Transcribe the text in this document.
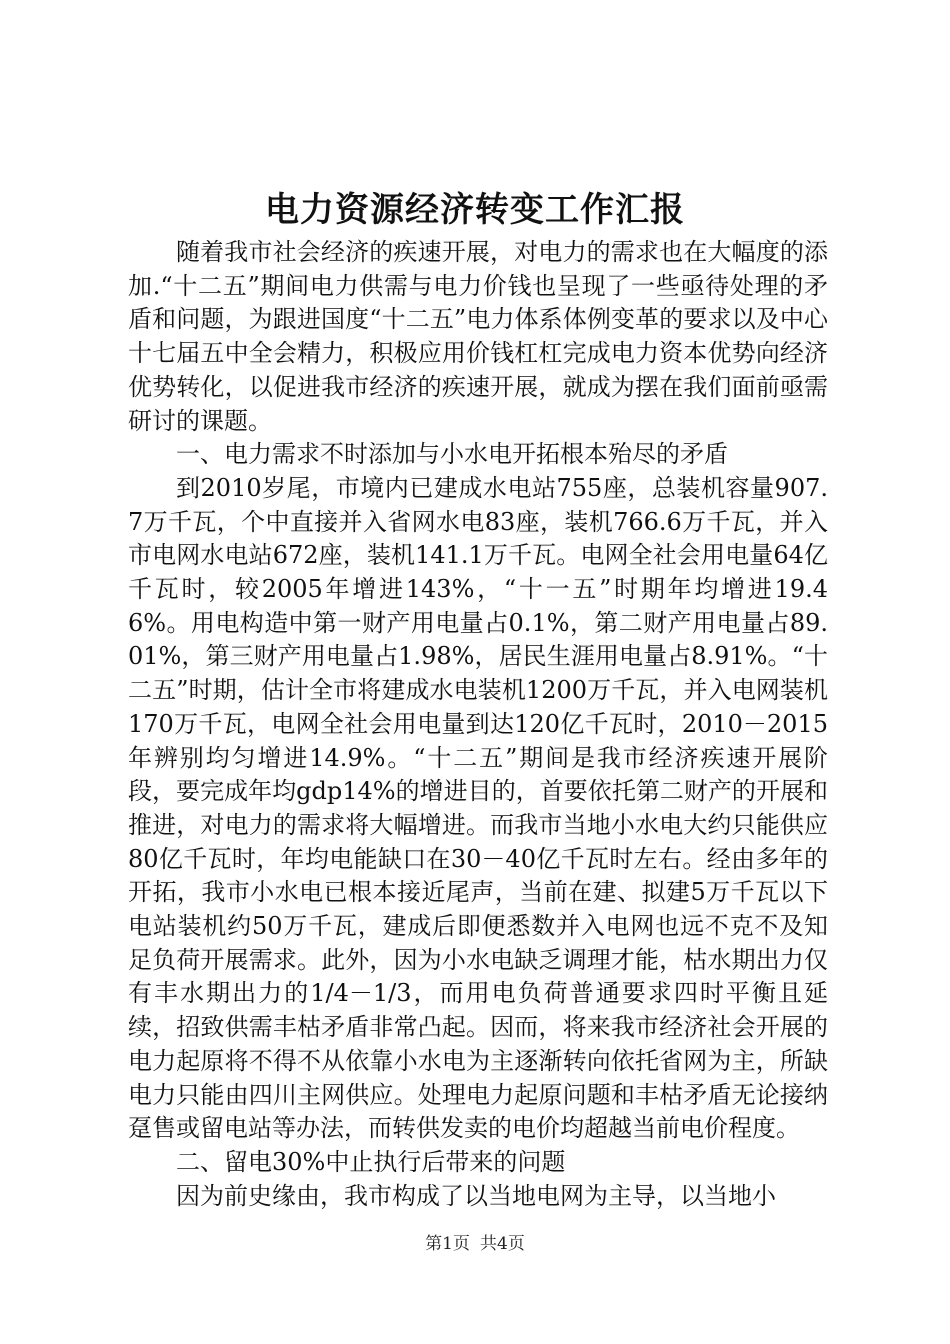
电力资源经济转变工作汇报

随着我市社会经济的疾速开展，对电力的需求也在大幅度的添加.“十二五”期间电力供需与电力价钱也呈现了一些亟待处理的矛盾和问题，为跟进国度“十二五”电力体系体例变革的要求以及中心十七届五中全会精力，积极应用价钱杠杠完成电力资本优势向经济优势转化，以促进我市经济的疾速开展，就成为摆在我们面前亟需研讨的课题。

一、电力需求不时添加与小水电开拓根本殆尽的矛盾

到2010岁尾，市境内已建成水电站755座，总装机容量907.7万千瓦，个中直接并入省网水电83座，装机766.6万千瓦，并入市电网水电站672座，装机141.1万千瓦。电网全社会用电量64亿千瓦时，较2005年增进143%，“十一五”时期年均增进19.46%。用电构造中第一财产用电量占0.1%，第二财产用电量占89.01%，第三财产用电量占1.98%，居民生涯用电量占8.91%。“十二五”时期，估计全市将建成水电装机1200万千瓦，并入电网装机170万千瓦，电网全社会用电量到达120亿千瓦时，2010－2015年辨别均匀增进14.9%。“十二五”期间是我市经济疾速开展阶段，要完成年均gdp14%的增进目的，首要依托第二财产的开展和推进，对电力的需求将大幅增进。而我市当地小水电大约只能供应80亿千瓦时，年均电能缺口在30－40亿千瓦时左右。经由多年的开拓，我市小水电已根本接近尾声，当前在建、拟建5万千瓦以下电站装机约50万千瓦，建成后即便悉数并入电网也远不克不及知足负荷开展需求。此外，因为小水电缺乏调理才能，枯水期出力仅有丰水期出力的1/4－1/3，而用电负荷普通要求四时平衡且延续，招致供需丰枯矛盾非常凸起。因而，将来我市经济社会开展的电力起原将不得不从依靠小水电为主逐渐转向依托省网为主，所缺电力只能由四川主网供应。处理电力起原问题和丰枯矛盾无论接纳趸售或留电站等办法，而转供发卖的电价均超越当前电价程度。

二、留电30%中止执行后带来的问题

因为前史缘由，我市构成了以当地电网为主导，以当地小

第1页 共4页
